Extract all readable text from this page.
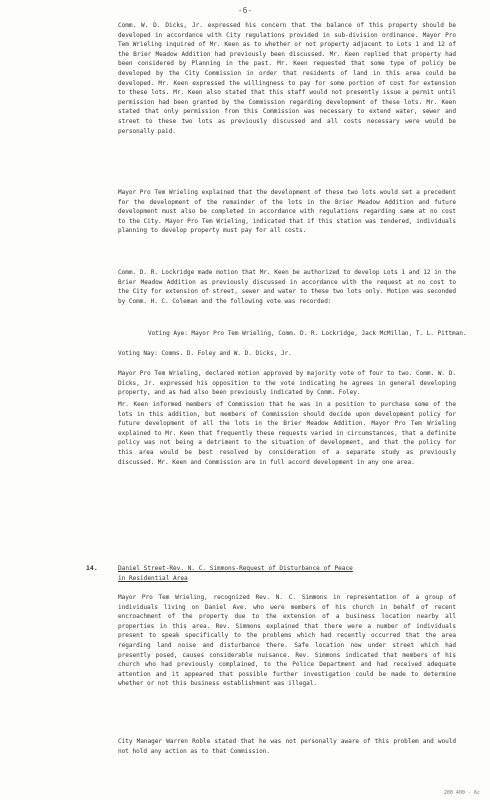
-6-
Comm. W. D. Dicks, Jr. expressed his concern that the balance of this property should be developed in accordance with City regulations provided in sub-division ordinance. Mayor Pro Tem Wrieling inquired of Mr. Keen as to whether or not property adjacent to Lots 1 and 12 of the Brier Meadow Addition had previously been discussed. Mr. Keen replied that property had been considered by Planning in the past. Mr. Keen requested that some type of policy be developed by the City Commission in order that residents of land in this area could be developed. Mr. Keen expressed the willingness to pay for some portion of cost for extension to these lots. Mr. Keen also stated that this staff would not presently issue a permit until permission had been granted by the Commission regarding development of these lots. Mr. Keen stated that only permission from this Commission was necessary to extend water, sewer and street to these two lots as previously discussed and all costs necessary were would be personally paid.
Mayor Pro Tem Wrieling explained that the development of these two lots would set a precedent for the development of the remainder of the lots in the Brier Meadow Addition and future development must also be completed in accordance with regulations regarding same at no cost to the City. Mayor Pro Tem Wrieling, indicated that if this station was tendered, individuals planning to develop property must pay for all costs.
Comm. D. R. Lockridge made motion that Mr. Keen be authorized to develop Lots 1 and 12 in the Brier Meadow Addition as previously discussed in accordance with the request at no cost to the City for extension of street, sewer and water to these two lots only. Motion was seconded by Comm. H. C. Coleman and the following vote was recorded:
Voting Aye: Mayor Pro Tem Wrieling, Comm. D. R. Lockridge, Jack McMillan, T. L. Pittman.
Voting Nay: Comms. D. Foley and W. D. Dicks, Jr.
Mayor Pro Tem Wrieling, declared motion approved by majority vote of four to two. Comm. W. D. Dicks, Jr. expressed his opposition to the vote indicating he agrees in general developing property, and as had also been previously indicated by Comm. Foley.
Mr. Keen informed members of Commission that he was in a position to purchase some of the lots in this addition, but members of Commission should decide upon development policy for future development of all the lots in the Brier Meadow Addition. Mayor Pro Tem Wrieling explained to Mr. Keen that frequently these requests varied in circumstances, that a definite policy was not being a detriment to the situation of development, and that the policy for this area would be best resolved by consideration of a separate study as previously discussed. Mr. Keen and Commission are in full accord development in any one area.
14.	Daniel Street-Rev. N. C. Simmons-Request of Disturbance of Peace
in Residential Area
Mayor Pro Tem Wrieling, recognized Rev. N. C. Simmons in representation of a group of individuals living on Daniel Ave. who were members of his church in behalf of recent encroachment of the property due to the extension of a business location nearby all properties in this area. Rev. Simmons explained that there were a number of individuals present to speak specifically to the problems which had recently occurred that the area regarding land noise and disturbance there. Safe location now under street which had presently posed, causes considerable nuisance. Rev. Simmons indicated that members of his church who had previously complained, to the Police Department and had received adequate attention and it appeared that possible further investigation could be made to determine whether or not this business establishment was illegal.
City Manager Warren Roble stated that he was not personally aware of this problem and would not hold any action as to that Commission.
200 400 - 6c
